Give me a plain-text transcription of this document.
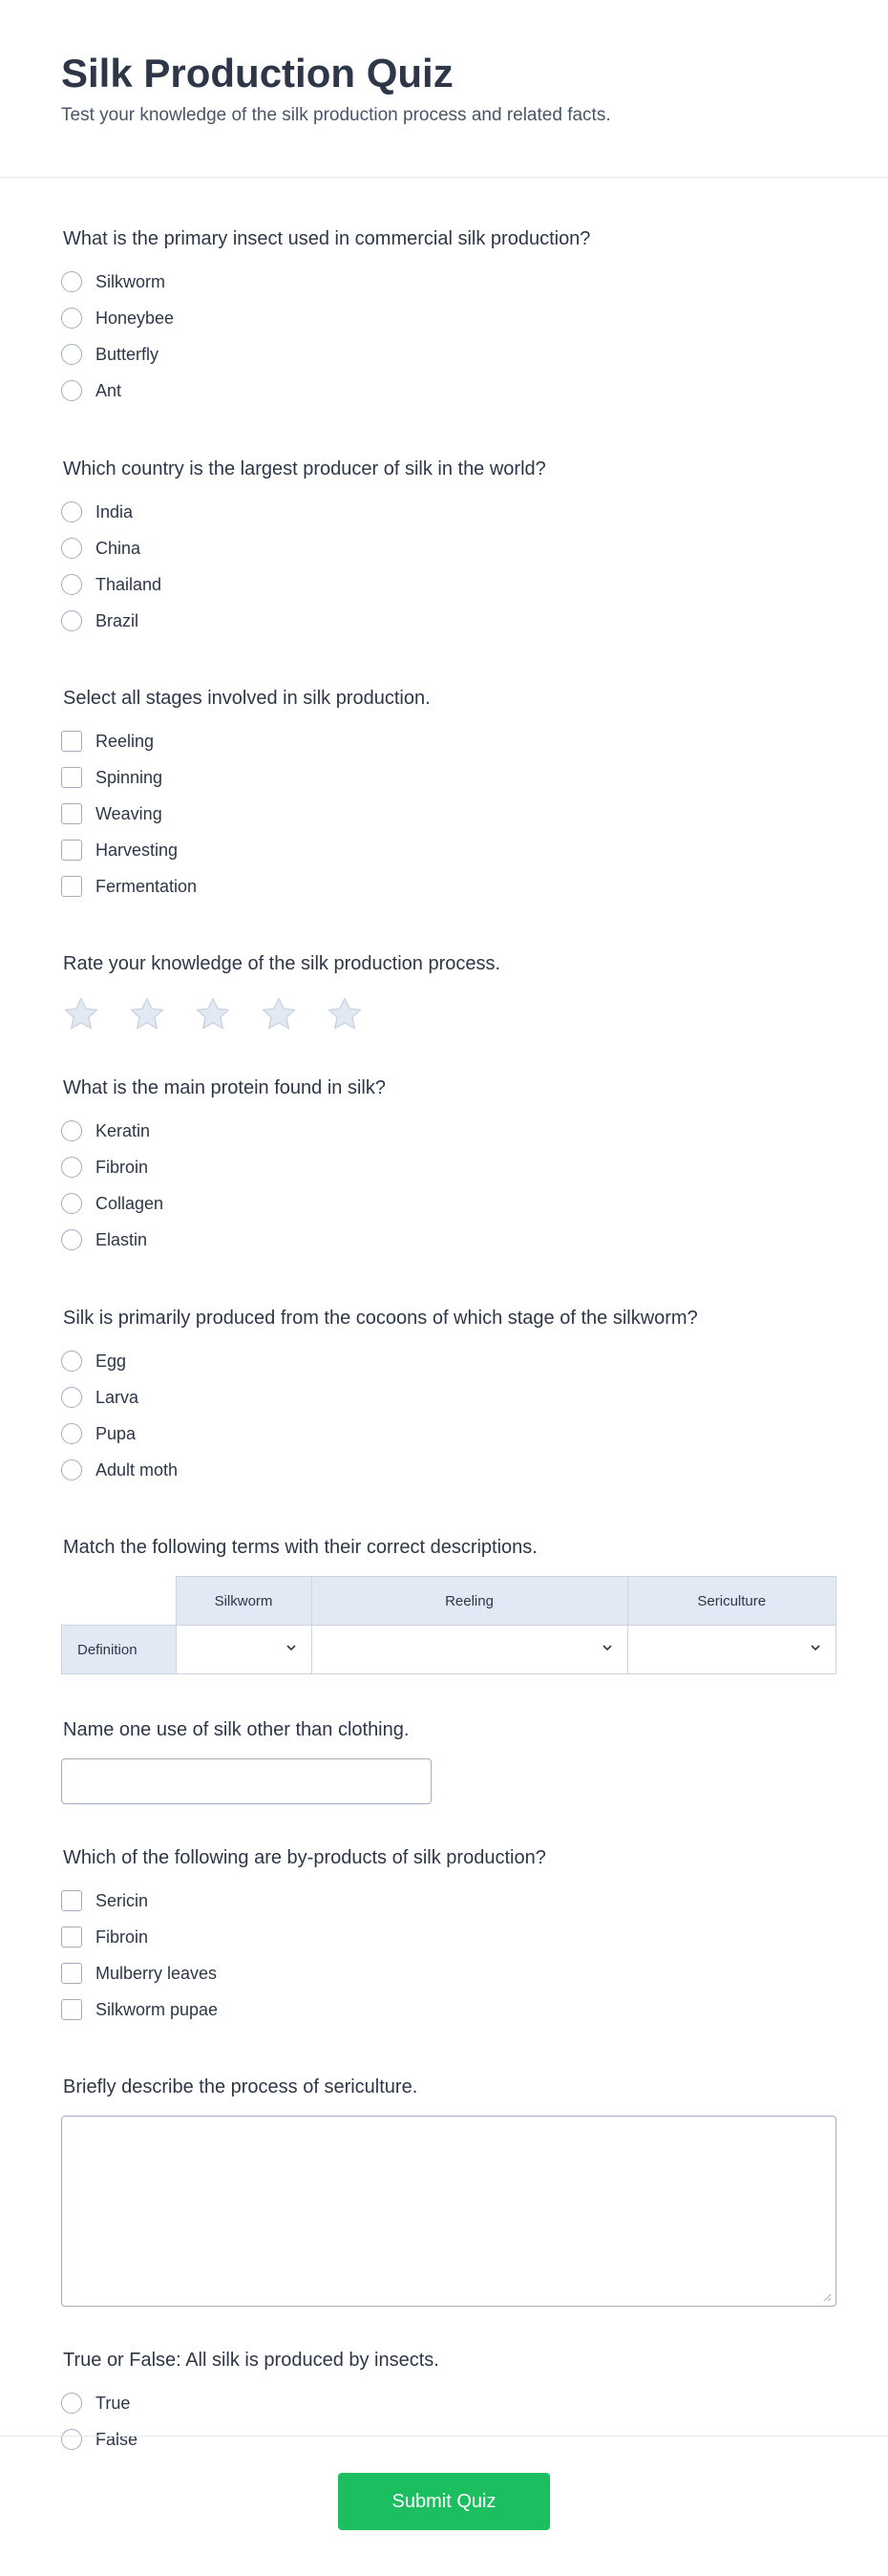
Silk Production Quiz

Test your knowledge of the silk production process and related facts.

What is the primary insect used in commercial silk production?
Silkworm
Honeybee
Butterfly
Ant
Which country is the largest producer of silk in the world?
India
China
Thailand
Brazil
Select all stages involved in silk production.
Reeling
Spinning
Weaving
Harvesting
Fermentation
Rate your knowledge of the silk production process.
What is the main protein found in silk?
Keratin
Fibroin
Collagen
Elastin
Silk is primarily produced from the cocoons of which stage of the silkworm?
Egg
Larva
Pupa
Adult moth
Match the following terms with their correct descriptions.
	Silkworm	Reeling	Sericulture
Definition	

Name one use of silk other than clothing.
Which of the following are by-products of silk production?
Sericin
Fibroin
Mulberry leaves
Silkworm pupae
Briefly describe the process of sericulture.
True or False: All silk is produced by insects.
True
False
Submit Quiz
